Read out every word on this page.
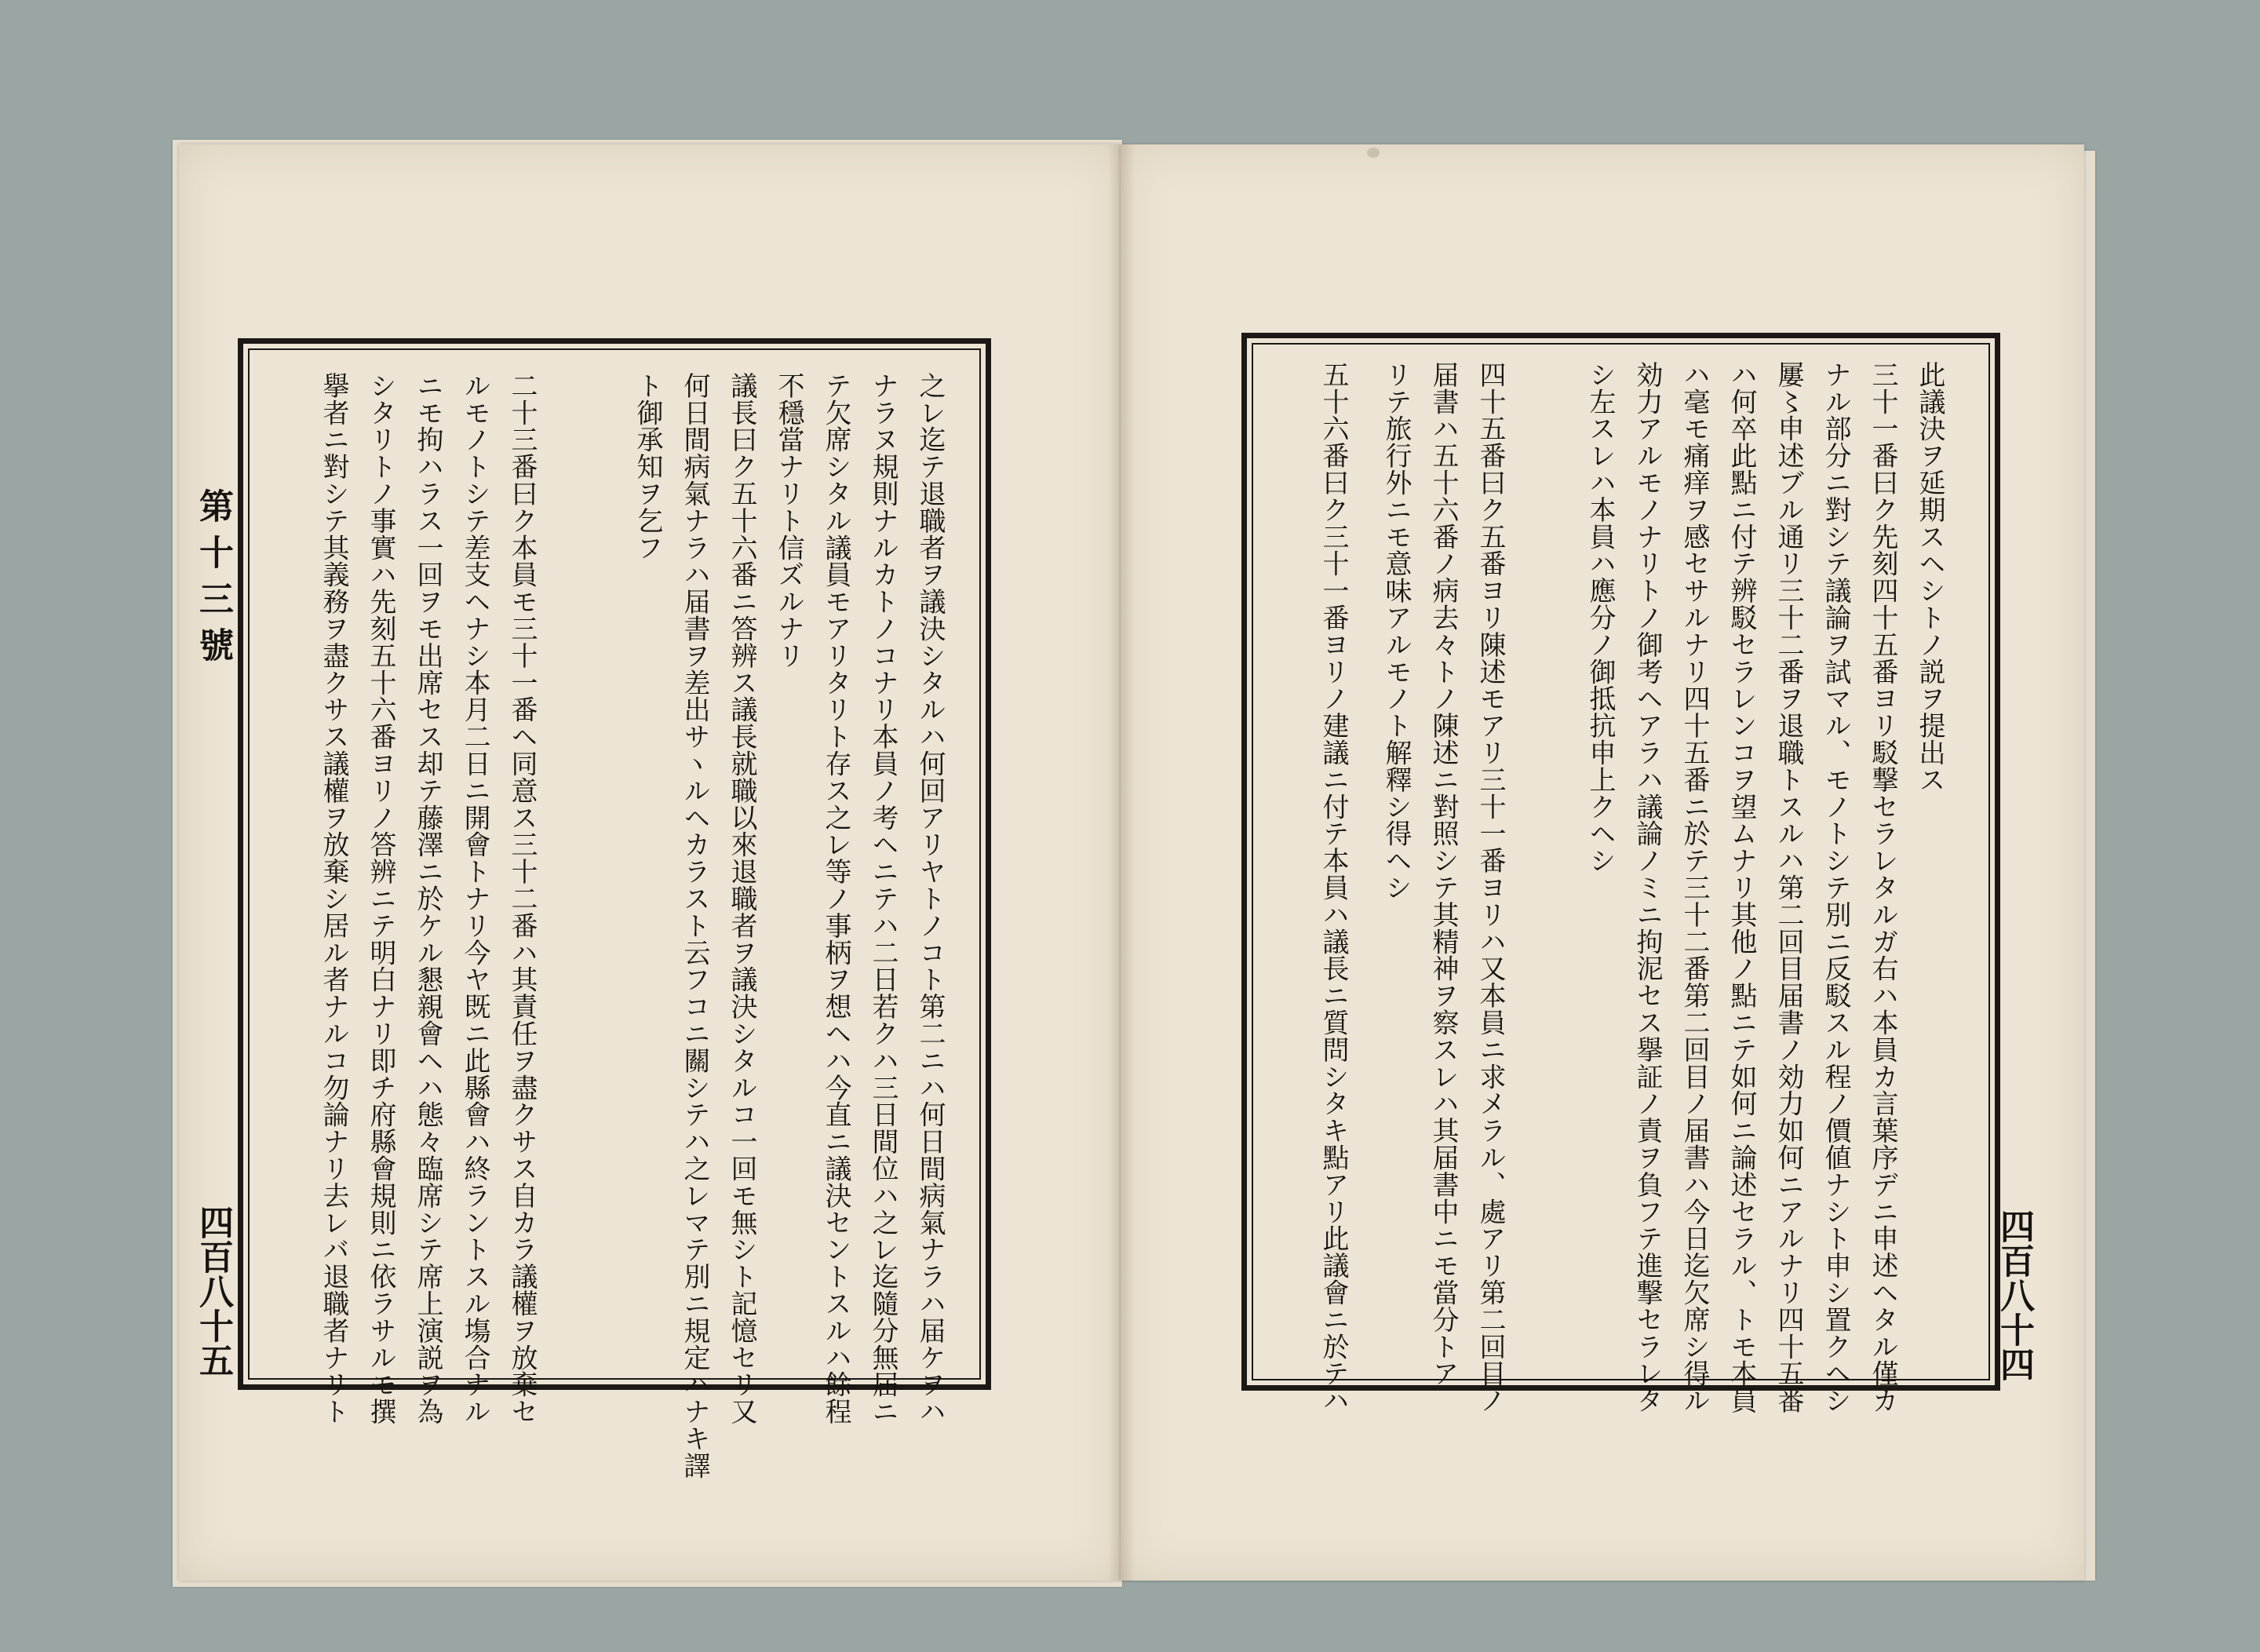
第十三號
四百八十五	四百八十四
之レ迄テ退職者ヲ議決シタルハ何回アリヤトノコト第二ニハ何日間病氣ナラハ届ケヲハ
ナラヌ規則ナルカトノコナリ本員ノ考ヘニテハ二日若クハ三日間位ハ之レ迄隨分無届ニ
テ欠席シタル議員モアリタリト存ス之レ等ノ事柄ヲ想ヘハ今直ニ議決セントスルハ餘程
不穩當ナリト信ズルナリ
議長曰ク五十六番ニ答辨ス議長就職以來退職者ヲ議決シタルコ一回モ無シト記憶セリ又
何日間病氣ナラハ届書ヲ差出サヽルヘカラスト云フコニ關シテハ之レマテ別ニ規定ハナキ譯
ト御承知ヲ乞フ
二十三番曰ク本員モ三十一番ヘ同意ス三十二番ハ其責任ヲ盡クサス自カラ議權ヲ放棄セ
ルモノトシテ差支ヘナシ本月二日ニ開會トナリ今ヤ既ニ此縣會ハ終ラントスル塲合ナル
ニモ拘ハラス一回ヲモ出席セス却テ藤澤ニ於ケル懇親會ヘハ態々臨席シテ席上演説ヲ為
シタリトノ事實ハ先刻五十六番ヨリノ答辨ニテ明白ナリ即チ府縣會規則ニ依ラサルモ撰
擧者ニ對シテ其義務ヲ盡クサス議權ヲ放棄シ居ル者ナルコ勿論ナリ去レバ退職者ナリト	此議決ヲ延期スヘシトノ説ヲ提出ス
三十一番曰ク先刻四十五番ヨリ駁撃セラレタルガ右ハ本員カ言葉序デニ申述ヘタル僅カ
ナル部分ニ對シテ議論ヲ試マル、モノトシテ別ニ反駁スル程ノ價値ナシト申シ置クヘシ
屢〻申述ブル通リ三十二番ヲ退職トスルハ第二回目届書ノ効力如何ニアルナリ四十五番
ハ何卒此點ニ付テ辨駁セラレンコヲ望ムナリ其他ノ點ニテ如何ニ論述セラル、トモ本員
ハ毫モ痛痒ヲ感セサルナリ四十五番ニ於テ三十二番第二回目ノ届書ハ今日迄欠席シ得ル
効力アルモノナリトノ御考ヘアラハ議論ノミニ拘泥セス擧証ノ責ヲ負フテ進撃セラレタ
シ左スレハ本員ハ應分ノ御抵抗申上クヘシ
四十五番曰ク五番ヨリ陳述モアリ三十一番ヨリハ又本員ニ求メラル、處アリ第二回目ノ
届書ハ五十六番ノ病去々トノ陳述ニ對照シテ其精神ヲ察スレハ其届書中ニモ當分トア
リテ旅行外ニモ意味アルモノト解釋シ得ヘシ
五十六番曰ク三十一番ヨリノ建議ニ付テ本員ハ議長ニ質問シタキ點アリ此議會ニ於テハ
